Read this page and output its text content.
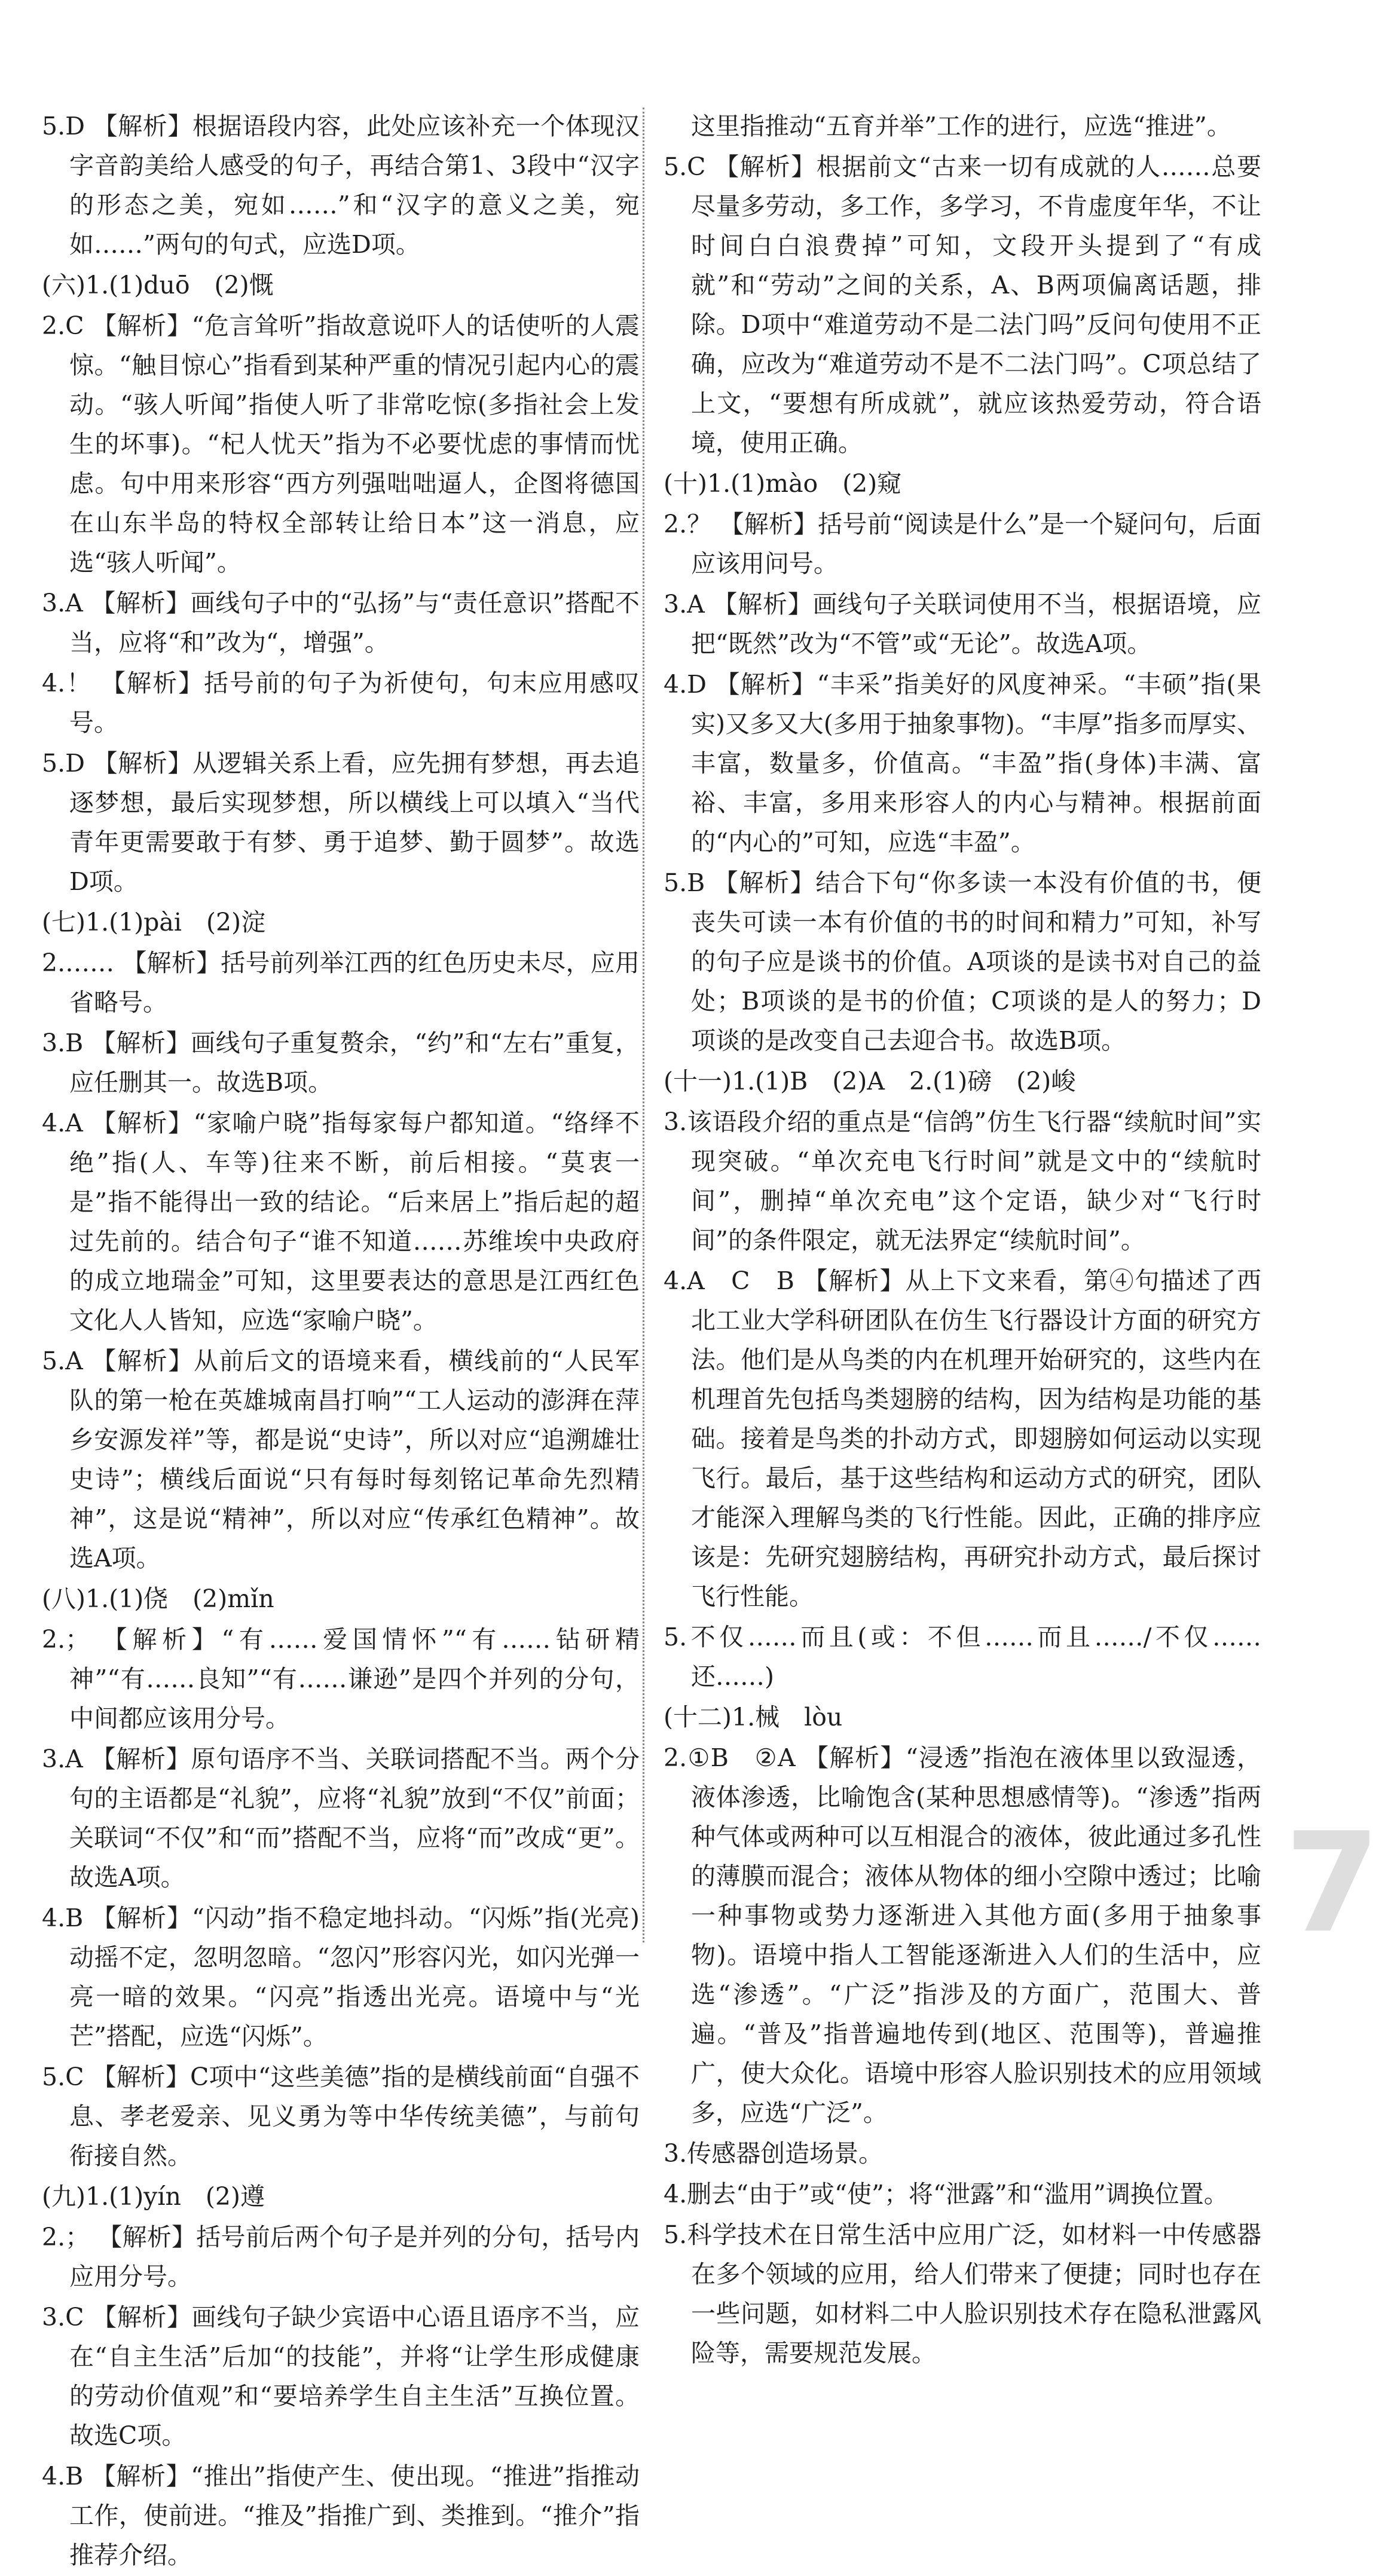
5.D 【解析】根据语段内容，此处应该补充一个体现汉字音韵美给人感受的句子，再结合第1、3段中“汉字的形态之美，宛如……”和“汉字的意义之美，宛如……”两句的句式，应选D项。

(六)1.(1)duō　(2)慨

2.C 【解析】“危言耸听”指故意说吓人的话使听的人震惊。“触目惊心”指看到某种严重的情况引起内心的震动。“骇人听闻”指使人听了非常吃惊(多指社会上发生的坏事)。“杞人忧天”指为不必要忧虑的事情而忧虑。句中用来形容“西方列强咄咄逼人，企图将德国在山东半岛的特权全部转让给日本”这一消息，应选“骇人听闻”。

3.A 【解析】画线句子中的“弘扬”与“责任意识”搭配不当，应将“和”改为“，增强”。

4.！ 【解析】括号前的句子为祈使句，句末应用感叹号。

5.D 【解析】从逻辑关系上看，应先拥有梦想，再去追逐梦想，最后实现梦想，所以横线上可以填入“当代青年更需要敢于有梦、勇于追梦、勤于圆梦”。故选D项。

(七)1.(1)pài　(2)淀

2.…… 【解析】括号前列举江西的红色历史未尽，应用省略号。

3.B 【解析】画线句子重复赘余，“约”和“左右”重复，应任删其一。故选B项。

4.A 【解析】“家喻户晓”指每家每户都知道。“络绎不绝”指(人、车等)往来不断，前后相接。“莫衷一是”指不能得出一致的结论。“后来居上”指后起的超过先前的。结合句子“谁不知道……苏维埃中央政府的成立地瑞金”可知，这里要表达的意思是江西红色文化人人皆知，应选“家喻户晓”。

5.A 【解析】从前后文的语境来看，横线前的“人民军队的第一枪在英雄城南昌打响”“工人运动的澎湃在萍乡安源发祥”等，都是说“史诗”，所以对应“追溯雄壮史诗”；横线后面说“只有每时每刻铭记革命先烈精神”，这是说“精神”，所以对应“传承红色精神”。故选A项。

(八)1.(1)侥　(2)mǐn

2.； 【解析】“有……爱国情怀”“有……钻研精神”“有……良知”“有……谦逊”是四个并列的分句，中间都应该用分号。

3.A 【解析】原句语序不当、关联词搭配不当。两个分句的主语都是“礼貌”，应将“礼貌”放到“不仅”前面；关联词“不仅”和“而”搭配不当，应将“而”改成“更”。故选A项。

4.B 【解析】“闪动”指不稳定地抖动。“闪烁”指(光亮)动摇不定，忽明忽暗。“忽闪”形容闪光，如闪光弹一亮一暗的效果。“闪亮”指透出光亮。语境中与“光芒”搭配，应选“闪烁”。

5.C 【解析】C项中“这些美德”指的是横线前面“自强不息、孝老爱亲、见义勇为等中华传统美德”，与前句衔接自然。

(九)1.(1)yín　(2)遵

2.； 【解析】括号前后两个句子是并列的分句，括号内应用分号。

3.C 【解析】画线句子缺少宾语中心语且语序不当，应在“自主生活”后加“的技能”，并将“让学生形成健康的劳动价值观”和“要培养学生自主生活”互换位置。故选C项。

4.B 【解析】“推出”指使产生、使出现。“推进”指推动工作，使前进。“推及”指推广到、类推到。“推介”指推荐介绍。

这里指推动“五育并举”工作的进行，应选“推进”。

5.C 【解析】根据前文“古来一切有成就的人……总要尽量多劳动，多工作，多学习，不肯虚度年华，不让时间白白浪费掉”可知，文段开头提到了“有成就”和“劳动”之间的关系，A、B两项偏离话题，排除。D项中“难道劳动不是二法门吗”反问句使用不正确，应改为“难道劳动不是不二法门吗”。C项总结了上文，“要想有所成就”，就应该热爱劳动，符合语境，使用正确。

(十)1.(1)mào　(2)窥

2.？ 【解析】括号前“阅读是什么”是一个疑问句，后面应该用问号。

3.A 【解析】画线句子关联词使用不当，根据语境，应把“既然”改为“不管”或“无论”。故选A项。

4.D 【解析】“丰采”指美好的风度神采。“丰硕”指(果实)又多又大(多用于抽象事物)。“丰厚”指多而厚实、丰富，数量多，价值高。“丰盈”指(身体)丰满、富裕、丰富，多用来形容人的内心与精神。根据前面的“内心的”可知，应选“丰盈”。

5.B 【解析】结合下句“你多读一本没有价值的书，便丧失可读一本有价值的书的时间和精力”可知，补写的句子应是谈书的价值。A项谈的是读书对自己的益处；B项谈的是书的价值；C项谈的是人的努力；D项谈的是改变自己去迎合书。故选B项。

(十一)1.(1)B　(2)A　2.(1)磅　(2)峻

3.该语段介绍的重点是“信鸽”仿生飞行器“续航时间”实现突破。“单次充电飞行时间”就是文中的“续航时间”，删掉“单次充电”这个定语，缺少对“飞行时间”的条件限定，就无法界定“续航时间”。

4.A　C　B 【解析】从上下文来看，第④句描述了西北工业大学科研团队在仿生飞行器设计方面的研究方法。他们是从鸟类的内在机理开始研究的，这些内在机理首先包括鸟类翅膀的结构，因为结构是功能的基础。接着是鸟类的扑动方式，即翅膀如何运动以实现飞行。最后，基于这些结构和运动方式的研究，团队才能深入理解鸟类的飞行性能。因此，正确的排序应该是：先研究翅膀结构，再研究扑动方式，最后探讨飞行性能。

5.不仅……而且(或：不但……而且……/不仅……还……)

(十二)1.械　lòu

2.①B　②A 【解析】“浸透”指泡在液体里以致湿透，液体渗透，比喻饱含(某种思想感情等)。“渗透”指两种气体或两种可以互相混合的液体，彼此通过多孔性的薄膜而混合；液体从物体的细小空隙中透过；比喻一种事物或势力逐渐进入其他方面(多用于抽象事物)。语境中指人工智能逐渐进入人们的生活中，应选“渗透”。“广泛”指涉及的方面广，范围大、普遍。“普及”指普遍地传到(地区、范围等)，普遍推广，使大众化。语境中形容人脸识别技术的应用领域多，应选“广泛”。

3.传感器创造场景。

4.删去“由于”或“使”；将“泄露”和“滥用”调换位置。

5.科学技术在日常生活中应用广泛，如材料一中传感器在多个领域的应用，给人们带来了便捷；同时也存在一些问题，如材料二中人脸识别技术存在隐私泄露风险等，需要规范发展。

7
